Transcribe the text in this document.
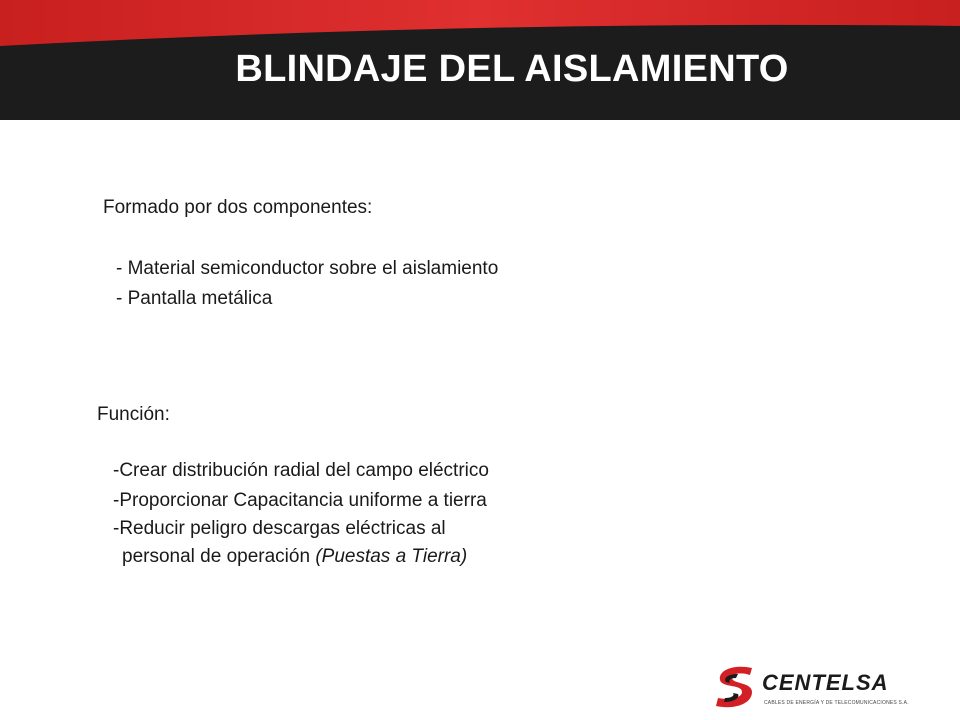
BLINDAJE DEL AISLAMIENTO
Formado por dos componentes:
- Material semiconductor sobre el aislamiento
- Pantalla metálica
Función:
-Crear distribución radial del campo eléctrico
-Proporcionar Capacitancia uniforme a tierra
-Reducir peligro descargas eléctricas al
personal de operación (Puestas a Tierra)
CENTELSA
CABLES DE ENERGÍA Y DE TELECOMUNICACIONES S.A.
